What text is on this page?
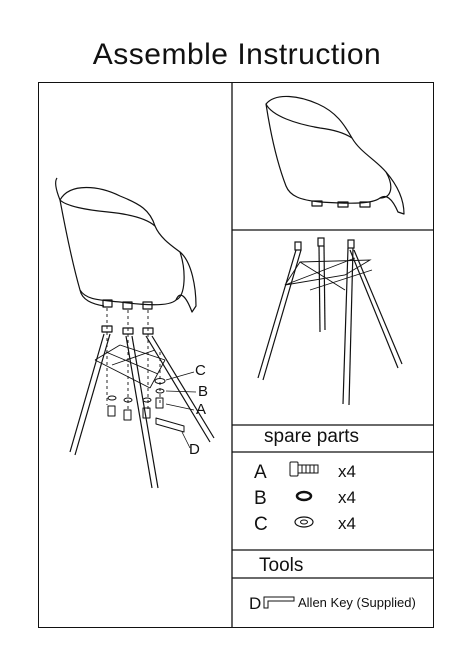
Assemble Instruction
C
B
A
D
spare parts
A	x4
B	x4
C	x4
Tools
D	Allen Key (Supplied)
